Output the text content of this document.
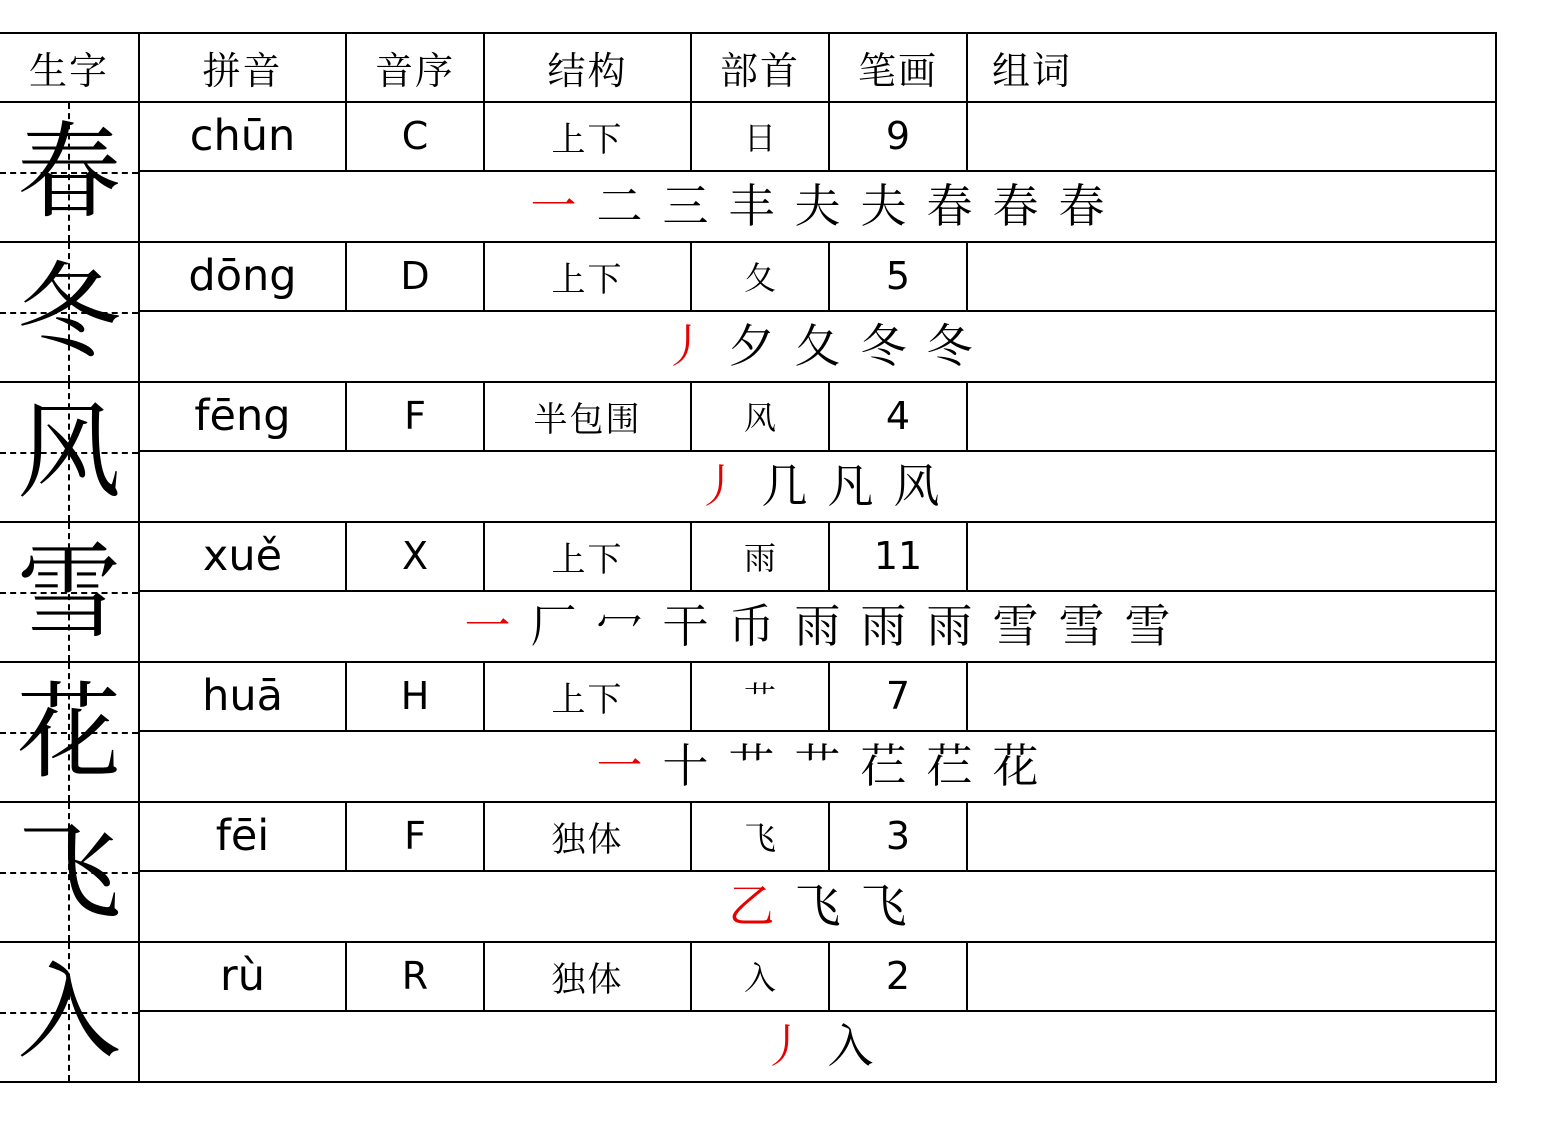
生字	拼音	音序	结构	部首	笔画	组词

春	chūn	C	上下	日	9	
	一 二 三 丰 夫 夫 春 春 春					

冬	dōng	D	上下	夂	5	
	丿 夕 夂 冬 冬					

风	fēng	F	半包围	风	4	
	丿 几 凡 风					

雪	xuě	X	上下	雨	11	
	一 厂 冖 干 币 雨 雨 雨 雪 雪 雪					

花	huā	H	上下	艹	7	
	一 十 艹 艹 芢 芢 花					

飞	fēi	F	独体	飞	3	
	乙 飞 飞					

入	rù	R	独体	入	2	
	丿 入					
